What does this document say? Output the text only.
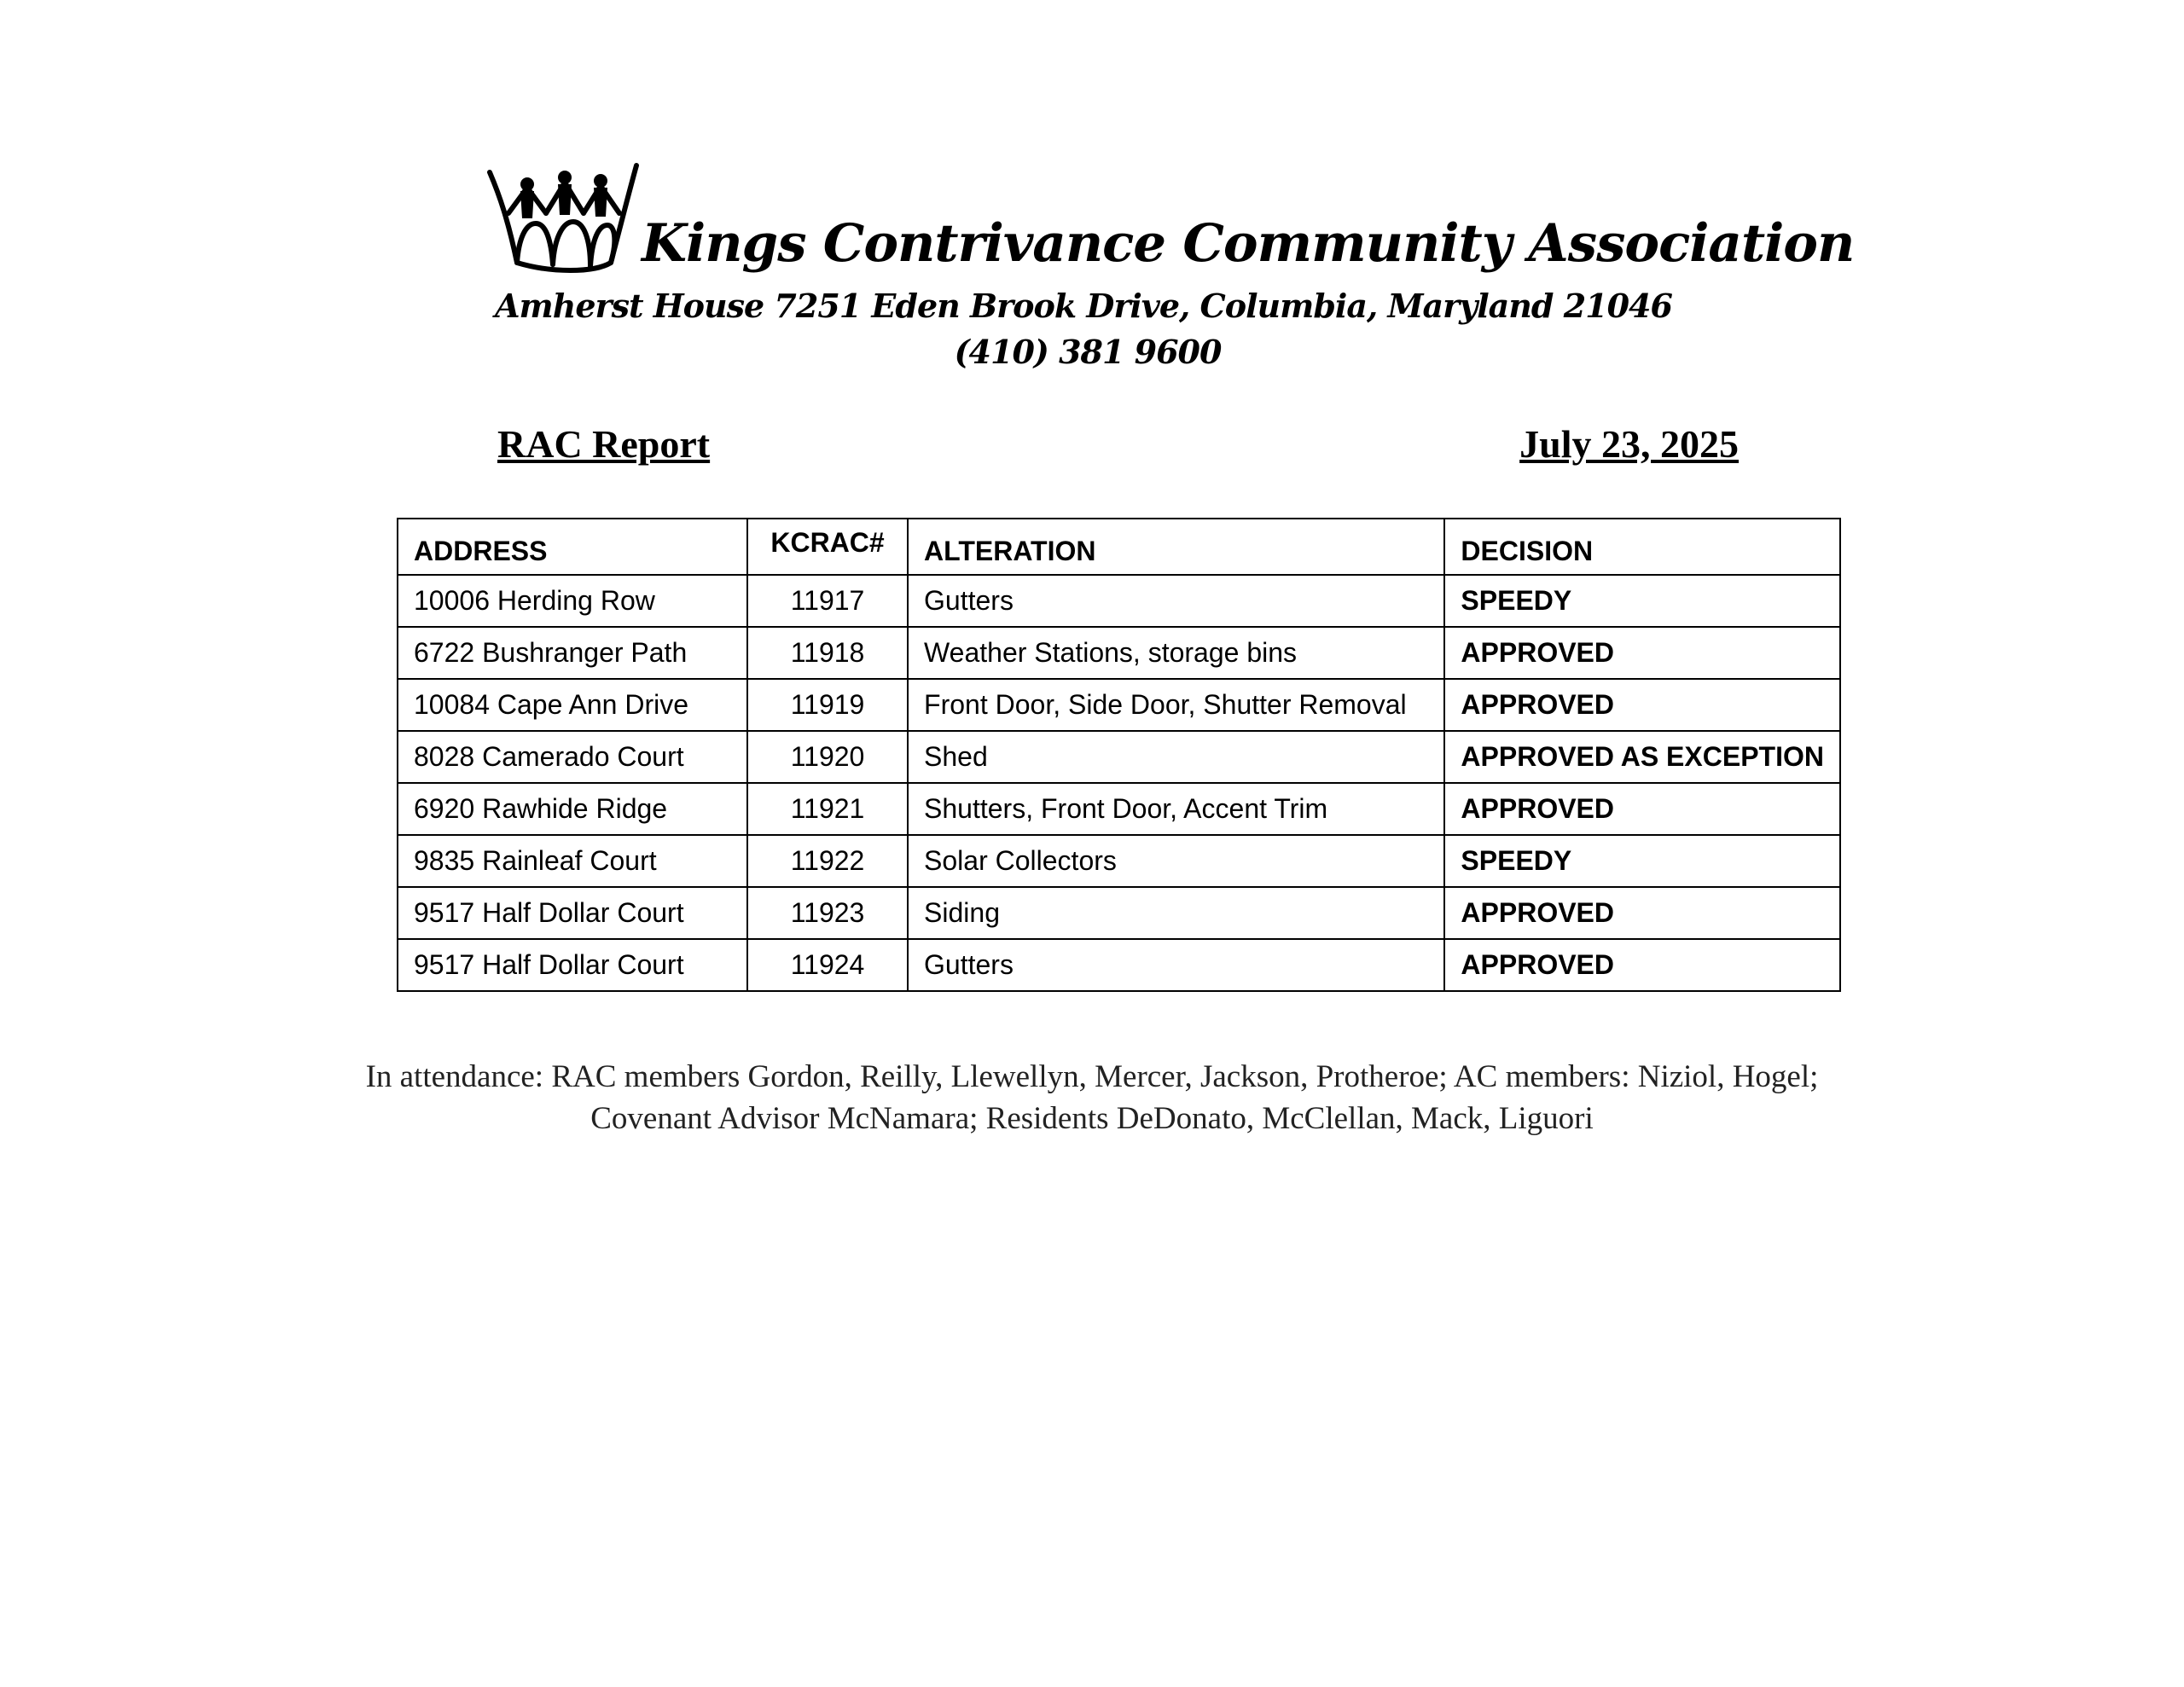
Kings Contrivance Community Association
Amherst House 7251 Eden Brook Drive, Columbia, Maryland 21046
(410) 381 9600
RAC Report	July 23, 2025
ADDRESS	KCRAC#	ALTERATION	DECISION
10006 Herding Row	11917	Gutters	SPEEDY
6722 Bushranger Path	11918	Weather Stations, storage bins	APPROVED
10084 Cape Ann Drive	11919	Front Door, Side Door, Shutter Removal	APPROVED
8028 Camerado Court	11920	Shed	APPROVED AS EXCEPTION
6920 Rawhide Ridge	11921	Shutters, Front Door, Accent Trim	APPROVED
9835 Rainleaf Court	11922	Solar Collectors	SPEEDY
9517 Half Dollar Court	11923	Siding	APPROVED
9517 Half Dollar Court	11924	Gutters	APPROVED
In attendance: RAC members Gordon, Reilly, Llewellyn, Mercer, Jackson, Protheroe; AC members: Niziol, Hogel;
Covenant Advisor McNamara; Residents DeDonato, McClellan, Mack, Liguori
